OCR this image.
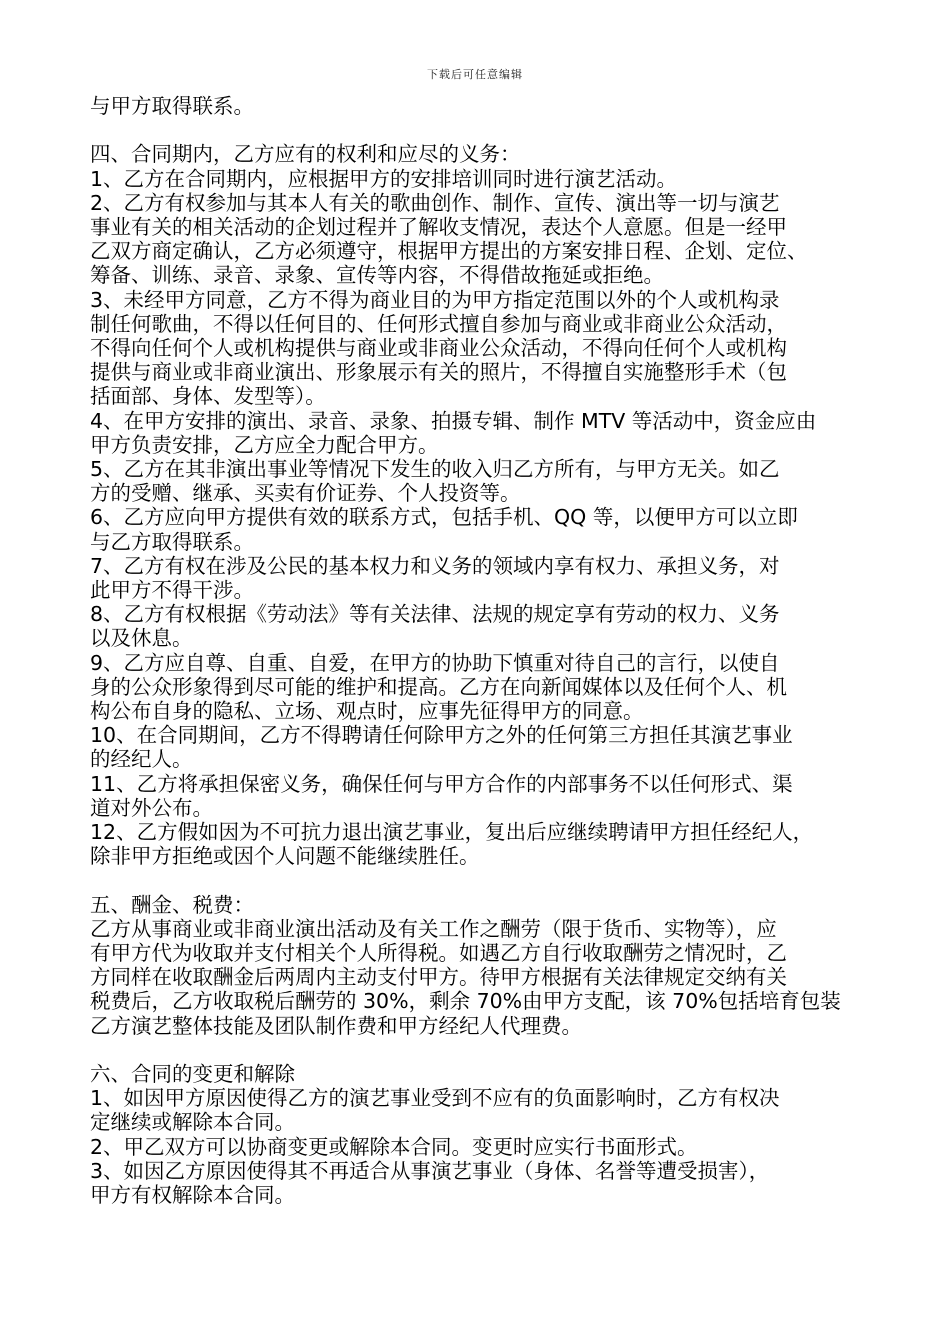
下载后可任意编辑

与甲方取得联系。

四、合同期内，乙方应有的权利和应尽的义务：

1、乙方在合同期内，应根据甲方的安排培训同时进行演艺活动。

2、乙方有权参加与其本人有关的歌曲创作、制作、宣传、演出等一切与演艺

事业有关的相关活动的企划过程并了解收支情况，表达个人意愿。但是一经甲

乙双方商定确认，乙方必须遵守，根据甲方提出的方案安排日程、企划、定位、

筹备、训练、录音、录象、宣传等内容，不得借故拖延或拒绝。

3、未经甲方同意，乙方不得为商业目的为甲方指定范围以外的个人或机构录

制任何歌曲，不得以任何目的、任何形式擅自参加与商业或非商业公众活动，

不得向任何个人或机构提供与商业或非商业公众活动，不得向任何个人或机构

提供与商业或非商业演出、形象展示有关的照片，不得擅自实施整形手术（包

括面部、身体、发型等）。

4、在甲方安排的演出、录音、录象、拍摄专辑、制作 MTV 等活动中，资金应由

甲方负责安排，乙方应全力配合甲方。

5、乙方在其非演出事业等情况下发生的收入归乙方所有，与甲方无关。如乙

方的受赠、继承、买卖有价证券、个人投资等。

6、乙方应向甲方提供有效的联系方式，包括手机、QQ 等，以便甲方可以立即

与乙方取得联系。

7、乙方有权在涉及公民的基本权力和义务的领域内享有权力、承担义务，对

此甲方不得干涉。

8、乙方有权根据《劳动法》等有关法律、法规的规定享有劳动的权力、义务

以及休息。

9、乙方应自尊、自重、自爱，在甲方的协助下慎重对待自己的言行，以使自

身的公众形象得到尽可能的维护和提高。乙方在向新闻媒体以及任何个人、机

构公布自身的隐私、立场、观点时，应事先征得甲方的同意。

10、在合同期间，乙方不得聘请任何除甲方之外的任何第三方担任其演艺事业

的经纪人。

11、乙方将承担保密义务，确保任何与甲方合作的内部事务不以任何形式、渠

道对外公布。

12、乙方假如因为不可抗力退出演艺事业，复出后应继续聘请甲方担任经纪人，

除非甲方拒绝或因个人问题不能继续胜任。

五、酬金、税费：

乙方从事商业或非商业演出活动及有关工作之酬劳（限于货币、实物等），应

有甲方代为收取并支付相关个人所得税。如遇乙方自行收取酬劳之情况时，乙

方同样在收取酬金后两周内主动支付甲方。待甲方根据有关法律规定交纳有关

税费后，乙方收取税后酬劳的 30%，剩余 70%由甲方支配，该 70%包括培育包装

乙方演艺整体技能及团队制作费和甲方经纪人代理费。

六、合同的变更和解除

1、如因甲方原因使得乙方的演艺事业受到不应有的负面影响时，乙方有权决

定继续或解除本合同。

2、甲乙双方可以协商变更或解除本合同。变更时应实行书面形式。

3、如因乙方原因使得其不再适合从事演艺事业（身体、名誉等遭受损害），

甲方有权解除本合同。
